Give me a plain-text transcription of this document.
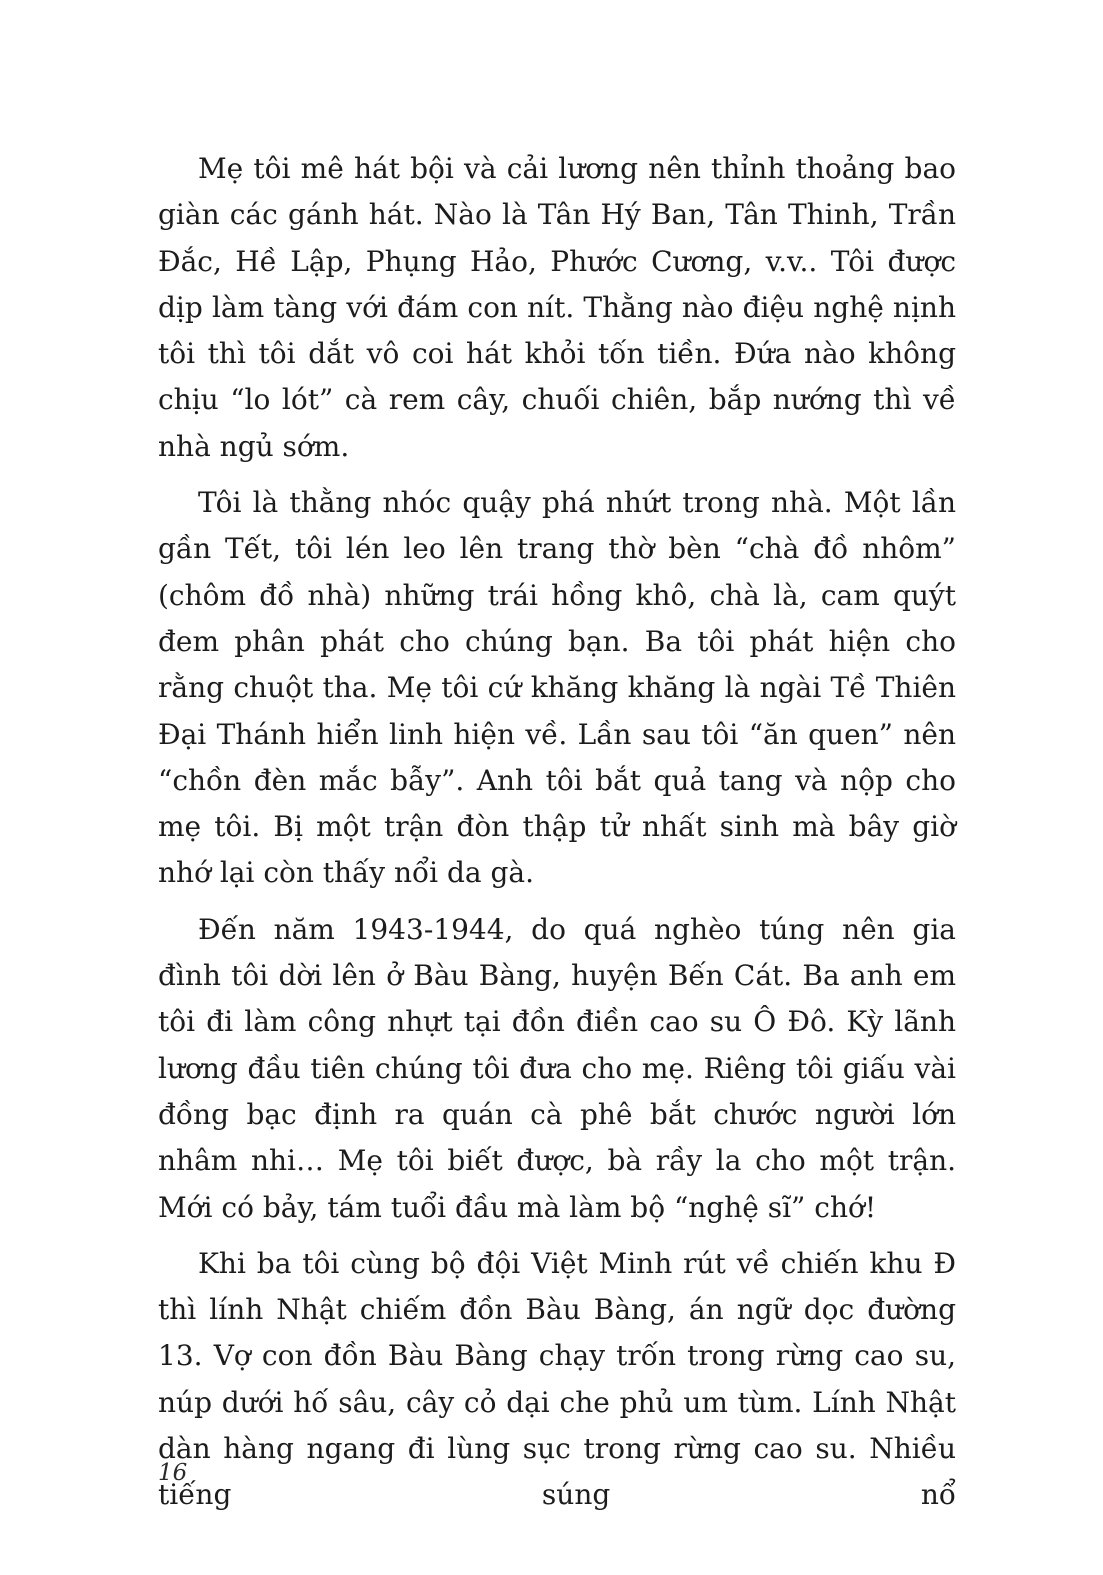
Mẹ tôi mê hát bội và cải lương nên thỉnh thoảng bao giàn các gánh hát. Nào là Tân Hý Ban, Tân Thinh, Trần Đắc, Hề Lập, Phụng Hảo, Phước Cương, v.v.. Tôi được dịp làm tàng với đám con nít. Thằng nào điệu nghệ nịnh tôi thì tôi dắt vô coi hát khỏi tốn tiền. Đứa nào không chịu “lo lót” cà rem cây, chuối chiên, bắp nướng thì về nhà ngủ sớm.

Tôi là thằng nhóc quậy phá nhứt trong nhà. Một lần gần Tết, tôi lén leo lên trang thờ bèn “chà đồ nhôm” (chôm đồ nhà) những trái hồng khô, chà là, cam quýt đem phân phát cho chúng bạn. Ba tôi phát hiện cho rằng chuột tha. Mẹ tôi cứ khăng khăng là ngài Tề Thiên Đại Thánh hiển linh hiện về. Lần sau tôi “ăn quen” nên “chồn đèn mắc bẫy”. Anh tôi bắt quả tang và nộp cho mẹ tôi. Bị một trận đòn thập tử nhất sinh mà bây giờ nhớ lại còn thấy nổi da gà.

Đến năm 1943-1944, do quá nghèo túng nên gia đình tôi dời lên ở Bàu Bàng, huyện Bến Cát. Ba anh em tôi đi làm công nhựt tại đồn điền cao su Ô Đô. Kỳ lãnh lương đầu tiên chúng tôi đưa cho mẹ. Riêng tôi giấu vài đồng bạc định ra quán cà phê bắt chước người lớn nhâm nhi… Mẹ tôi biết được, bà rầy la cho một trận. Mới có bảy, tám tuổi đầu mà làm bộ “nghệ sĩ” chớ!

Khi ba tôi cùng bộ đội Việt Minh rút về chiến khu Đ thì lính Nhật chiếm đồn Bàu Bàng, án ngữ dọc đường 13. Vợ con đồn Bàu Bàng chạy trốn trong rừng cao su, núp dưới hố sâu, cây cỏ dại che phủ um tùm. Lính Nhật dàn hàng ngang đi lùng sục trong rừng cao su. Nhiều tiếng súng nổ

16
